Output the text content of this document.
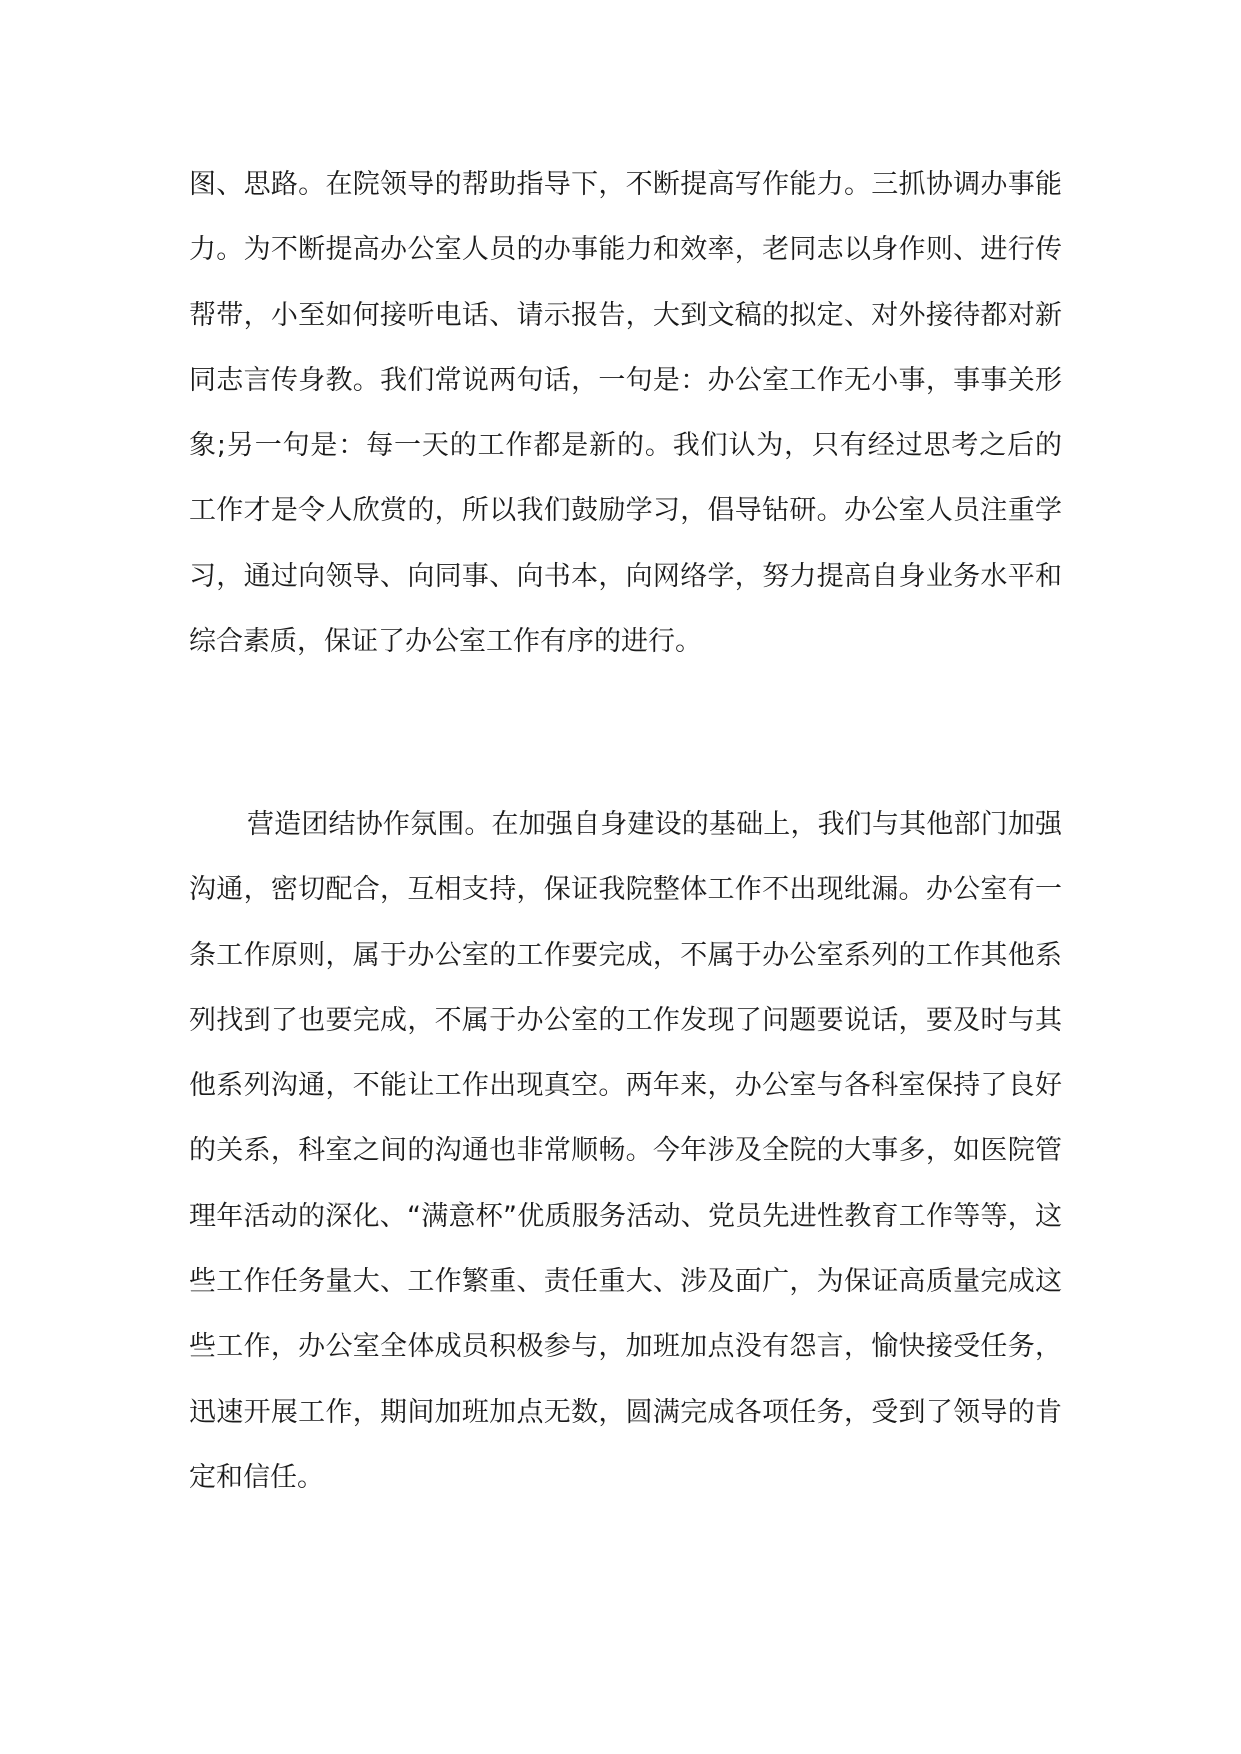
图、思路。在院领导的帮助指导下，不断提高写作能力。三抓协调办事能力。为不断提高办公室人员的办事能力和效率，老同志以身作则、进行传帮带，小至如何接听电话、请示报告，大到文稿的拟定、对外接待都对新同志言传身教。我们常说两句话，一句是：办公室工作无小事，事事关形象;另一句是：每一天的工作都是新的。我们认为，只有经过思考之后的工作才是令人欣赏的，所以我们鼓励学习，倡导钻研。办公室人员注重学习，通过向领导、向同事、向书本，向网络学，努力提高自身业务水平和综合素质，保证了办公室工作有序的进行。

营造团结协作氛围。在加强自身建设的基础上，我们与其他部门加强沟通，密切配合，互相支持，保证我院整体工作不出现纰漏。办公室有一条工作原则，属于办公室的工作要完成，不属于办公室系列的工作其他系列找到了也要完成，不属于办公室的工作发现了问题要说话，要及时与其他系列沟通，不能让工作出现真空。两年来，办公室与各科室保持了良好的关系，科室之间的沟通也非常顺畅。今年涉及全院的大事多，如医院管理年活动的深化、“满意杯”优质服务活动、党员先进性教育工作等等，这些工作任务量大、工作繁重、责任重大、涉及面广，为保证高质量完成这些工作，办公室全体成员积极参与，加班加点没有怨言，愉快接受任务，迅速开展工作，期间加班加点无数，圆满完成各项任务，受到了领导的肯定和信任。
